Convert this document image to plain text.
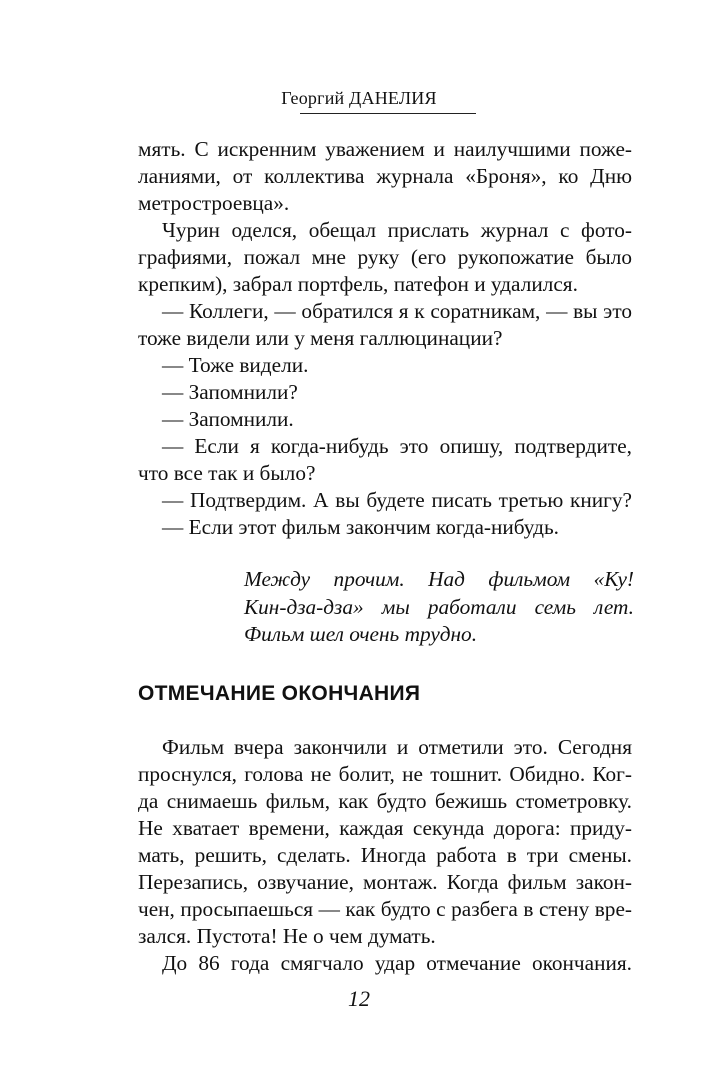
Георгий ДАНЕЛИЯ
мять. С искренним уважением и наилучшими поже-
ланиями, от коллектива журнала «Броня», ко Дню
метростроевца».
Чурин оделся, обещал прислать журнал с фото-
графиями, пожал мне руку (его рукопожатие было
крепким), забрал портфель, патефон и удалился.
— Коллеги, — обратился я к соратникам, — вы это
тоже видели или у меня галлюцинации?
— Тоже видели.
— Запомнили?
— Запомнили.
— Если я когда-нибудь это опишу, подтвердите,
что все так и было?
— Подтвердим. А вы будете писать третью книгу?
— Если этот фильм закончим когда-нибудь.
Между прочим. Над фильмом «Ку!
Кин-дза-дза» мы работали семь лет.
Фильм шел очень трудно.
ОТМЕЧАНИЕ ОКОНЧАНИЯ
Фильм вчера закончили и отметили это. Сегодня
проснулся, голова не болит, не тошнит. Обидно. Ког-
да снимаешь фильм, как будто бежишь стометровку.
Не хватает времени, каждая секунда дорога: приду-
мать, решить, сделать. Иногда работа в три смены.
Перезапись, озвучание, монтаж. Когда фильм закон-
чен, просыпаешься — как будто с разбега в стену вре-
зался. Пустота! Не о чем думать.
До 86 года смягчало удар отмечание окончания.
12
